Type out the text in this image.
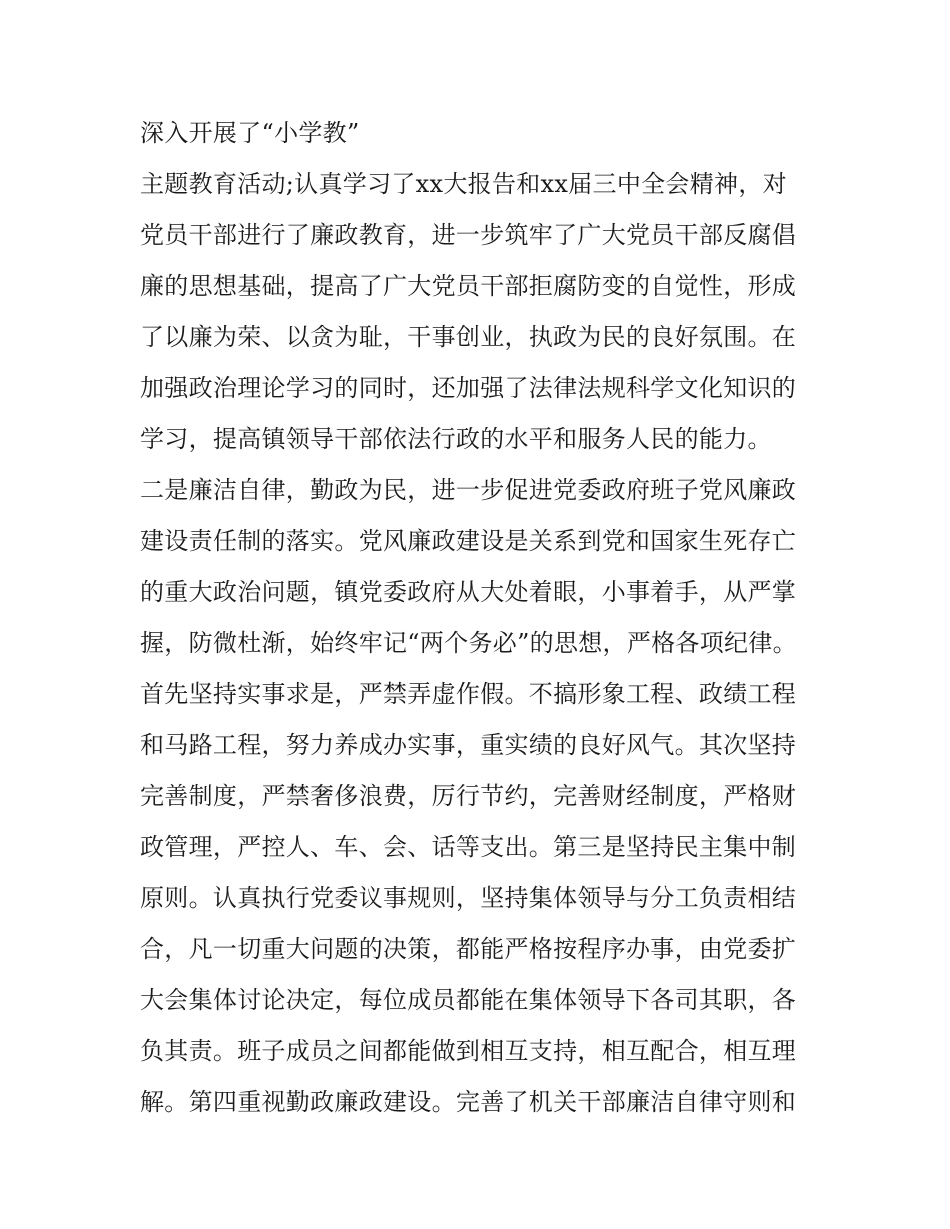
深入开展了“小学教”
主题教育活动;认真学习了xx大报告和xx届三中全会精神，对
党员干部进行了廉政教育，进一步筑牢了广大党员干部反腐倡
廉的思想基础，提高了广大党员干部拒腐防变的自觉性，形成
了以廉为荣、以贪为耻，干事创业，执政为民的良好氛围。在
加强政治理论学习的同时，还加强了法律法规科学文化知识的
学习，提高镇领导干部依法行政的水平和服务人民的能力。
二是廉洁自律，勤政为民，进一步促进党委政府班子党风廉政
建设责任制的落实。党风廉政建设是关系到党和国家生死存亡
的重大政治问题，镇党委政府从大处着眼，小事着手，从严掌
握，防微杜渐，始终牢记“两个务必”的思想，严格各项纪律。
首先坚持实事求是，严禁弄虚作假。不搞形象工程、政绩工程
和马路工程，努力养成办实事，重实绩的良好风气。其次坚持
完善制度，严禁奢侈浪费，厉行节约，完善财经制度，严格财
政管理，严控人、车、会、话等支出。第三是坚持民主集中制
原则。认真执行党委议事规则，坚持集体领导与分工负责相结
合，凡一切重大问题的决策，都能严格按程序办事，由党委扩
大会集体讨论决定，每位成员都能在集体领导下各司其职，各
负其责。班子成员之间都能做到相互支持，相互配合，相互理
解。第四重视勤政廉政建设。完善了机关干部廉洁自律守则和
